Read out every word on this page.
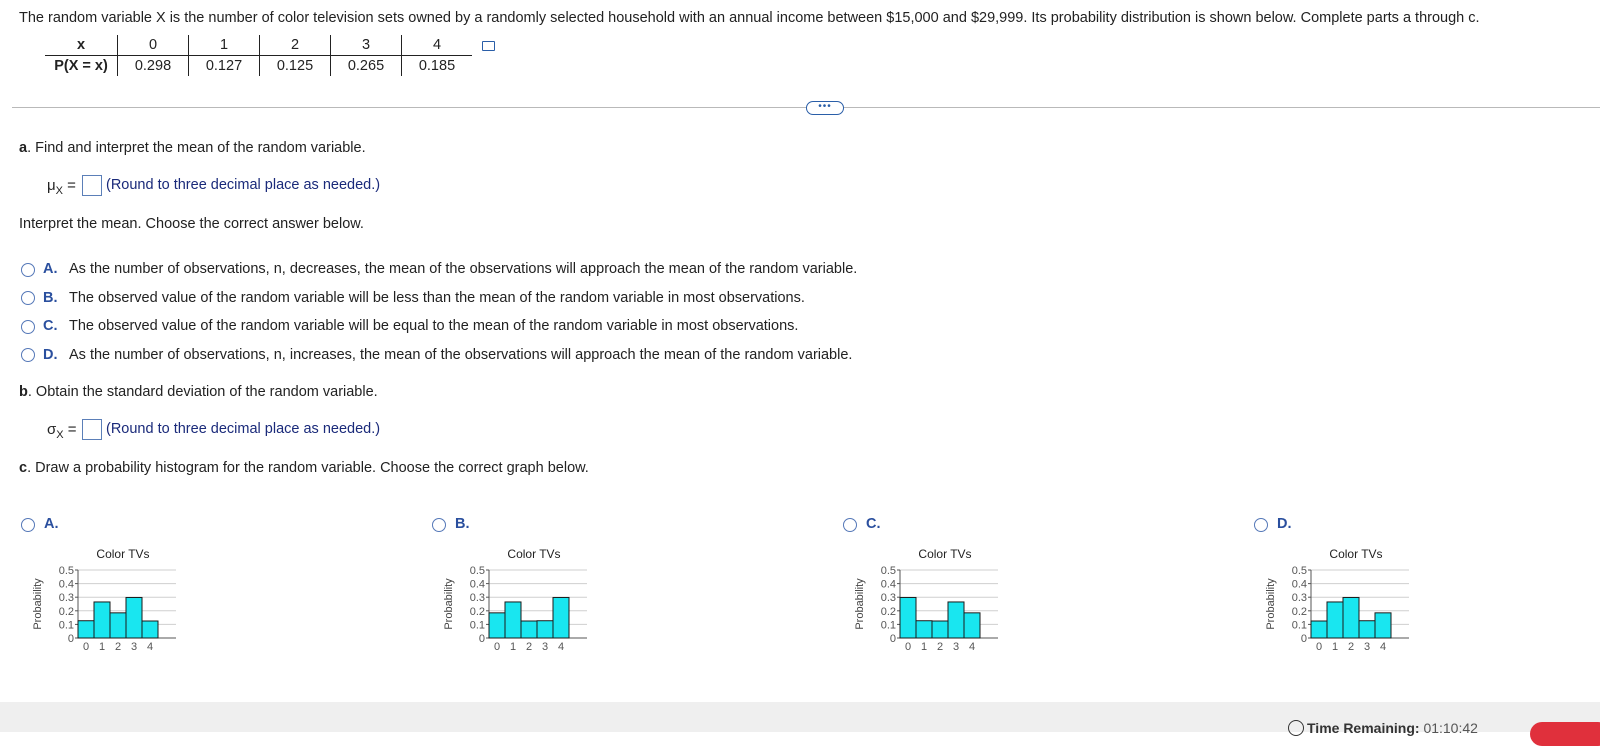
The random variable X is the number of color television sets owned by a randomly selected household with an annual income between $15,000 and $29,999. Its probability distribution is shown below. Complete parts a through c.
x	0	1	2	3	4
P(X = x)	0.298	0.127	0.125	0.265	0.185
•••
a. Find and interpret the mean of the random variable.
$\mu_X$ = (Round to three decimal place as needed.)
Interpret the mean. Choose the correct answer below.
A. As the number of observations, n, decreases, the mean of the observations will approach the mean of the random variable.
B. The observed value of the random variable will be less than the mean of the random variable in most observations.
C. The observed value of the random variable will be equal to the mean of the random variable in most observations.
D. As the number of observations, n, increases, the mean of the observations will approach the mean of the random variable.
b. Obtain the standard deviation of the random variable.
$\sigma_X$ = (Round to three decimal place as needed.)
c. Draw a probability histogram for the random variable. Choose the correct graph below.
A.
Color TVs
Probability
0.5
0.4
0.3
0.2
0.1
0
0 1 2 3 4
B.
Color TVs
Probability
0.5
0.4
0.3
0.2
0.1
0
0 1 2 3 4
C.
Color TVs
Probability
0.5
0.4
0.3
0.2
0.1
0
0 1 2 3 4
D.
Color TVs
Probability
0.5
0.4
0.3
0.2
0.1
0
0 1 2 3 4
Time Remaining: 01:10:42
